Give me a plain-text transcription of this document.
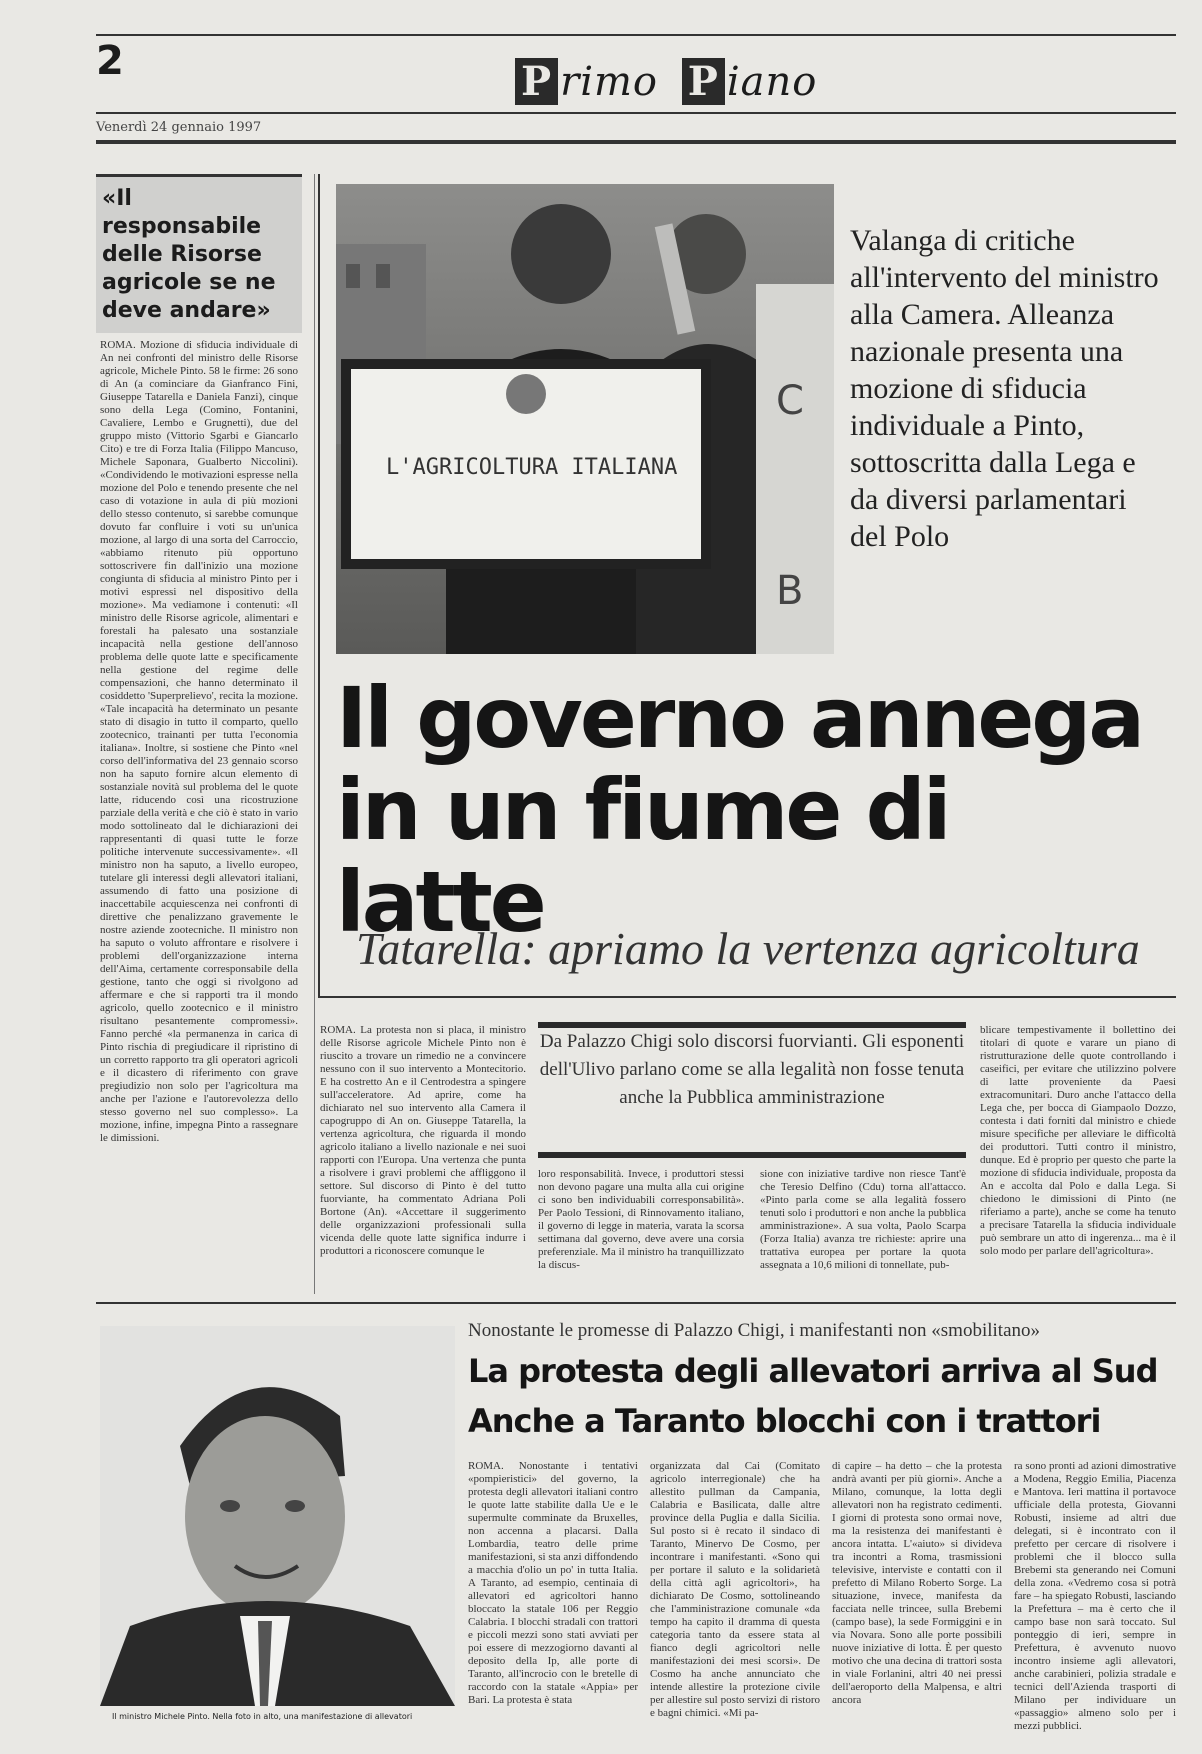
2	P rimo P iano
Venerdì 24 gennaio 1997
«Il responsabile delle Risorse agricole se ne deve andare»
ROMA. Mozione di sfiducia individuale di An nei confronti del ministro delle Risorse agricole, Michele Pinto. 58 le firme: 26 sono di An (a cominciare da Gianfranco Fini, Giuseppe Tatarella e Daniela Fanzi), cinque sono della Lega (Comino, Fontanini, Cavaliere, Lembo e Grugnetti), due del gruppo misto (Vittorio Sgarbi e Giancarlo Cito) e tre di Forza Italia (Filippo Mancuso, Michele Saponara, Gualberto Niccolini). «Condividendo le motivazioni espresse nella mozione del Polo e tenendo presente che nel caso di votazione in aula di più mozioni dello stesso contenuto, si sarebbe comunque dovuto far confluire i voti su un'unica mozione, al largo di una sorta del Carroccio, «abbiamo ritenuto più opportuno sottoscrivere fin dall'inizio una mozione congiunta di sfiducia al ministro Pinto per i motivi espressi nel dispositivo della mozione». Ma vediamone i contenuti: «Il ministro delle Risorse agricole, alimentari e forestali ha palesato una sostanziale incapacità nella gestione dell'annoso problema delle quote latte e specificamente nella gestione del regime delle compensazioni, che hanno determinato il cosiddetto 'Superprelievo', recita la mozione. «Tale incapacità ha determinato un pesante stato di disagio in tutto il comparto, quello zootecnico, trainanti per tutta l'economia italiana». Inoltre, si sostiene che Pinto «nel corso dell'informativa del 23 gennaio scorso non ha saputo fornire alcun elemento di sostanziale novità sul problema del le quote latte, riducendo così una ricostruzione parziale della verità e che ciò è stato in vario modo sottolineato dal le dichiarazioni dei rappresentanti di quasi tutte le forze politiche intervenute successivamente». «Il ministro non ha saputo, a livello europeo, tutelare gli interessi degli allevatori italiani, assumendo di fatto una posizione di inaccettabile acquiescenza nei confronti di direttive che penalizzano gravemente le nostre aziende zootecniche. Il ministro non ha saputo o voluto affrontare e risolvere i problemi dell'organizzazione interna dell'Aima, certamente corresponsabile della gestione, tanto che oggi si rivolgono ad affermare e che si rapporti tra il mondo agricolo, quello zootecnico e il ministro risultano pesantemente compromessi». Fanno perché «la permanenza in carica di Pinto rischia di pregiudicare il ripristino di un corretto rapporto tra gli operatori agricoli e il dicastero di riferimento con grave pregiudizio non solo per l'agricoltura ma anche per l'azione e l'autorevolezza dello stesso governo nel suo complesso». La mozione, infine, impegna Pinto a rassegnare le dimissioni.
C
B
L'AGRICOLTURA ITALIANA
Valanga di critiche all'intervento del ministro alla Camera. Alleanza nazionale presenta una mozione di sfiducia individuale a Pinto, sottoscritta dalla Lega e da diversi parlamentari del Polo
Il governo annega
in un fiume di latte
Tatarella: apriamo la vertenza agricoltura
ROMA. La protesta non si placa, il ministro delle Risorse agricole Michele Pinto non è riuscito a trovare un rimedio ne a convincere nessuno con il suo intervento a Montecitorio. E ha costretto An e il Centrodestra a spingere sull'acceleratore. Ad aprire, come ha dichiarato nel suo intervento alla Camera il capogruppo di An on. Giuseppe Tatarella, la vertenza agricoltura, che riguarda il mondo agricolo italiano a livello nazionale e nei suoi rapporti con l'Europa. Una vertenza che punta a risolvere i gravi problemi che affliggono il settore. Sul discorso di Pinto è del tutto fuorviante, ha commentato Adriana Poli Bortone (An). «Accettare il suggerimento delle organizzazioni professionali sulla vicenda delle quote latte significa indurre i produttori a riconoscere comunque le
Da Palazzo Chigi solo discorsi fuorvianti. Gli esponenti dell'Ulivo parlano come se alla legalità non fosse tenuta anche la Pubblica amministrazione
loro responsabilità. Invece, i produttori stessi non devono pagare una multa alla cui origine ci sono ben individuabili corresponsabilità». Per Paolo Tessioni, di Rinnovamento italiano, il governo di legge in materia, varata la scorsa settimana dal governo, deve avere una corsia preferenziale. Ma il ministro ha tranquillizzato la discus-
sione con iniziative tardive non riesce Tant'è che Teresio Delfino (Cdu) torna all'attacco. «Pinto parla come se alla legalità fossero tenuti solo i produttori e non anche la pubblica amministrazione». A sua volta, Paolo Scarpa (Forza Italia) avanza tre richieste: aprire una trattativa europea per portare la quota assegnata a 10,6 milioni di tonnellate, pub-
blicare tempestivamente il bollettino dei titolari di quote e varare un piano di ristrutturazione delle quote controllando i caseifici, per evitare che utilizzino polvere di latte proveniente da Paesi extracomunitari. Duro anche l'attacco della Lega che, per bocca di Giampaolo Dozzo, contesta i dati forniti dal ministro e chiede misure specifiche per alleviare le difficoltà dei produttori. Tutti contro il ministro, dunque. Ed è proprio per questo che parte la mozione di sfiducia individuale, proposta da An e accolta dal Polo e dalla Lega. Si chiedono le dimissioni di Pinto (ne riferiamo a parte), anche se come ha tenuto a precisare Tatarella la sfiducia individuale può sembrare un atto di ingerenza... ma è il solo modo per parlare dell'agricoltura».
Il ministro Michele Pinto. Nella foto in alto, una manifestazione di allevatori
Nonostante le promesse di Palazzo Chigi, i manifestanti non «smobilitano»
La protesta degli allevatori arriva al Sud
Anche a Taranto blocchi con i trattori
ROMA. Nonostante i tentativi «pompieristici» del governo, la protesta degli allevatori italiani contro le quote latte stabilite dalla Ue e le supermulte comminate da Bruxelles, non accenna a placarsi. Dalla Lombardia, teatro delle prime manifestazioni, si sta anzi diffondendo a macchia d'olio un po' in tutta Italia. A Taranto, ad esempio, centinaia di allevatori ed agricoltori hanno bloccato la statale 106 per Reggio Calabria. I blocchi stradali con trattori e piccoli mezzi sono stati avviati per poi essere di mezzogiorno davanti al deposito della Ip, alle porte di Taranto, all'incrocio con le bretelle di raccordo con la statale «Appia» per Bari. La protesta è stata
organizzata dal Cai (Comitato agricolo interregionale) che ha allestito pullman da Campania, Calabria e Basilicata, dalle altre province della Puglia e dalla Sicilia. Sul posto si è recato il sindaco di Taranto, Minervo De Cosmo, per incontrare i manifestanti. «Sono qui per portare il saluto e la solidarietà della città agli agricoltori», ha dichiarato De Cosmo, sottolineando che l'amministrazione comunale «da tempo ha capito il dramma di questa categoria tanto da essere stata al fianco degli agricoltori nelle manifestazioni dei mesi scorsi». De Cosmo ha anche annunciato che intende allestire la protezione civile per allestire sul posto servizi di ristoro e bagni chimici. «Mi pa-
di capire – ha detto – che la protesta andrà avanti per più giorni». Anche a Milano, comunque, la lotta degli allevatori non ha registrato cedimenti. I giorni di protesta sono ormai nove, ma la resistenza dei manifestanti è ancora intatta. L'«aiuto» si divideva tra incontri a Roma, trasmissioni televisive, interviste e contatti con il prefetto di Milano Roberto Sorge. La situazione, invece, manifesta da facciata nelle trincee, sulla Brebemi (campo base), la sede Formiggini e in via Novara. Sono alle porte possibili nuove iniziative di lotta. È per questo motivo che una decina di trattori sosta in viale Forlanini, altri 40 nei pressi dell'aeroporto della Malpensa, e altri ancora
ra sono pronti ad azioni dimostrative a Modena, Reggio Emilia, Piacenza e Mantova. Ieri mattina il portavoce ufficiale della protesta, Giovanni Robusti, insieme ad altri due delegati, si è incontrato con il prefetto per cercare di risolvere i problemi che il blocco sulla Brebemi sta generando nei Comuni della zona. «Vedremo cosa si potrà fare – ha spiegato Robusti, lasciando la Prefettura – ma è certo che il campo base non sarà toccato. Sul ponteggio di ieri, sempre in Prefettura, è avvenuto nuovo incontro insieme agli allevatori, anche carabinieri, polizia stradale e tecnici dell'Azienda trasporti di Milano per individuare un «passaggio» almeno solo per i mezzi pubblici.
